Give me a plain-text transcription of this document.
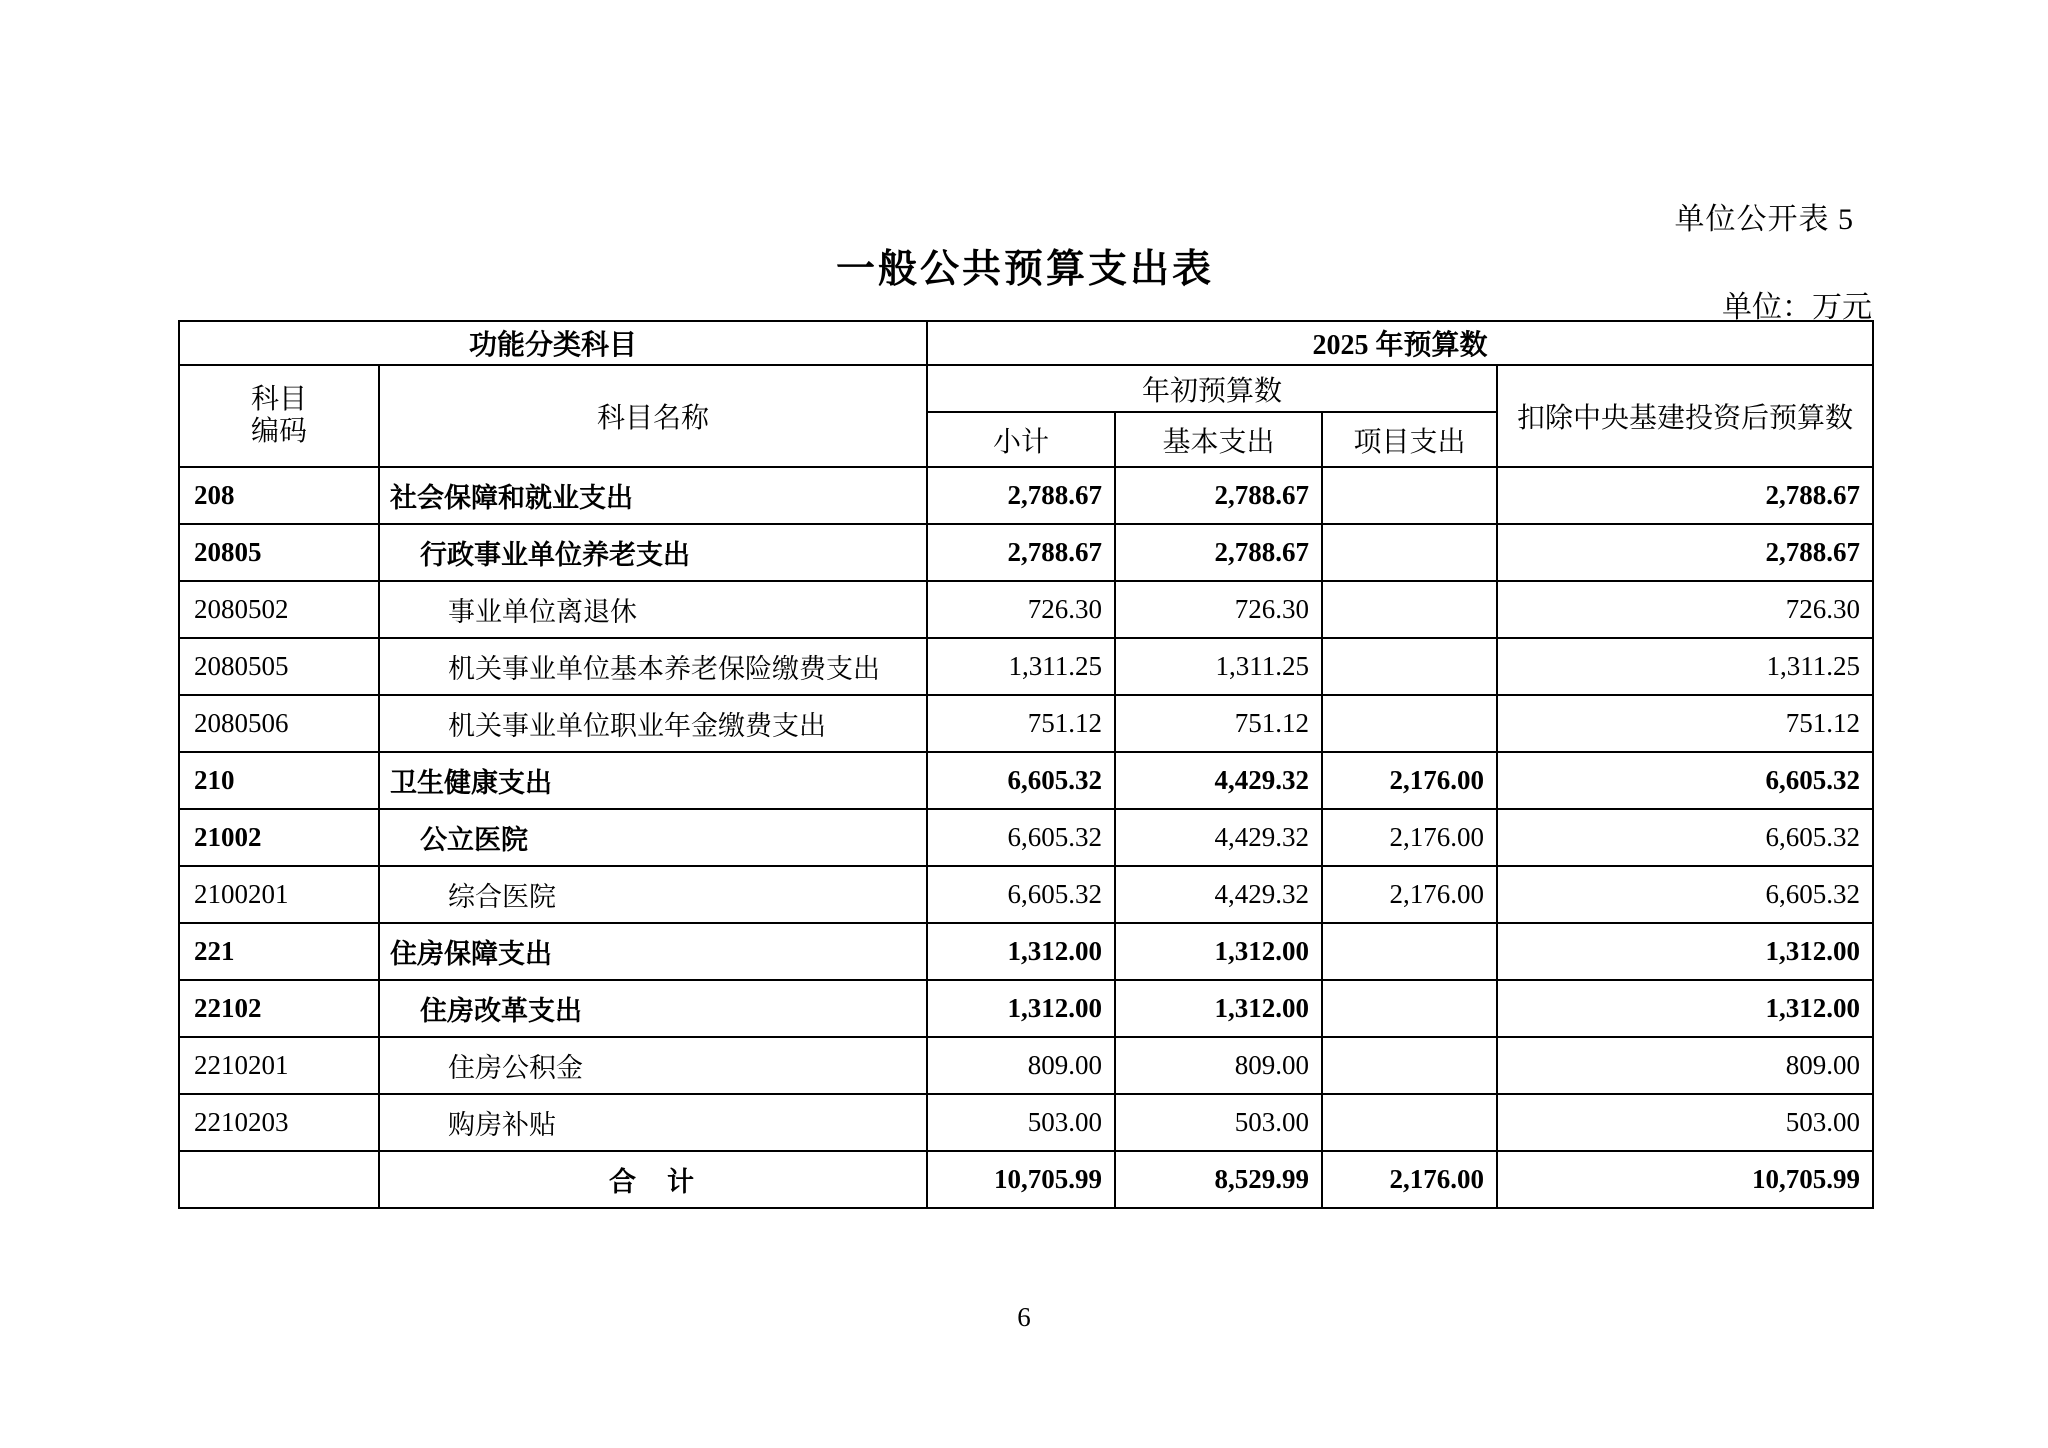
单位公开表 5
一般公共预算支出表
单位：万元
功能分类科目		2025 年预算数			

科目
编码	科目名称	年初预算数			扣除中央基建投资后预算数
		小计	基本支出	项目支出	
208	社会保障和就业支出	2,788.67	2,788.67		2,788.67
20805	行政事业单位养老支出	2,788.67	2,788.67		2,788.67
2080502	事业单位离退休	726.30	726.30		726.30
2080505	机关事业单位基本养老保险缴费支出	1,311.25	1,311.25		1,311.25
2080506	机关事业单位职业年金缴费支出	751.12	751.12		751.12
210	卫生健康支出	6,605.32	4,429.32	2,176.00	6,605.32
21002	公立医院	6,605.32	4,429.32	2,176.00	6,605.32
2100201	综合医院	6,605.32	4,429.32	2,176.00	6,605.32
221	住房保障支出	1,312.00	1,312.00		1,312.00
22102	住房改革支出	1,312.00	1,312.00		1,312.00
2210201	住房公积金	809.00	809.00		809.00
2210203	购房补贴	503.00	503.00		503.00
	合　计	10,705.99	8,529.99	2,176.00	10,705.99
6
